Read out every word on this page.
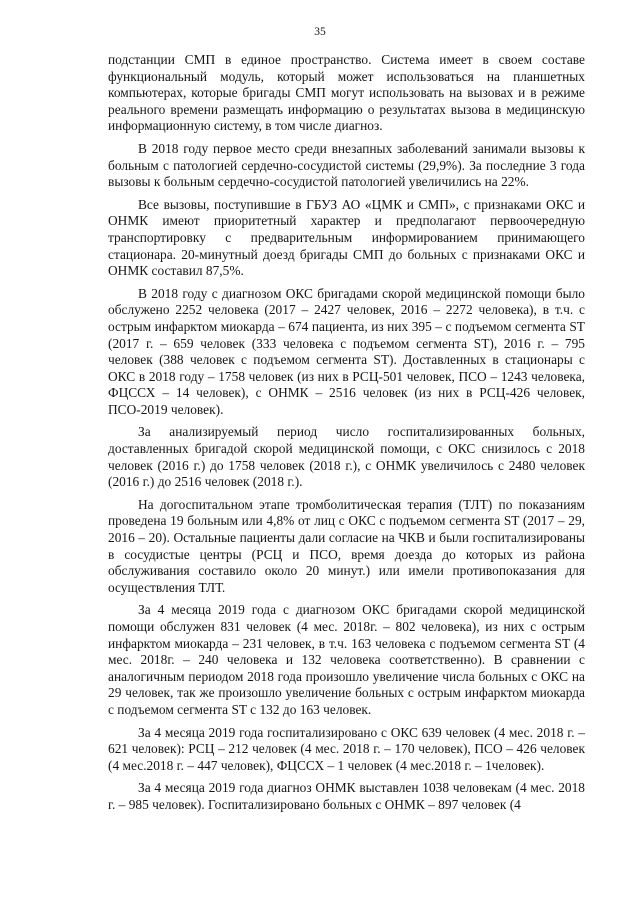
35

подстанции СМП в единое пространство. Система имеет в своем составе функциональный модуль, который может использоваться на планшетных компьютерах, которые бригады СМП могут использовать на вызовах и в режиме реального времени размещать информацию о результатах вызова в медицинскую информационную систему, в том числе диагноз.

В 2018 году первое место среди внезапных заболеваний занимали вызовы к больным с патологией сердечно-сосудистой системы (29,9%). За последние 3 года вызовы к больным сердечно-сосудистой патологией увеличились на 22%.

Все вызовы, поступившие в ГБУЗ АО «ЦМК и СМП», с признаками ОКС и ОНМК имеют приоритетный характер и предполагают первоочередную транспортировку с предварительным информированием принимающего стационара. 20-минутный доезд бригады СМП до больных с признаками ОКС и ОНМК составил 87,5%.

В 2018 году с диагнозом ОКС бригадами скорой медицинской помощи было обслужено 2252 человека (2017 – 2427 человек, 2016 – 2272 человека), в т.ч. с острым инфарктом миокарда – 674 пациента, из них 395 – с подъемом сегмента ST (2017 г. – 659 человек (333 человека с подъемом сегмента ST), 2016 г. – 795 человек (388 человек с подъемом сегмента ST). Доставленных в стационары с ОКС в 2018 году – 1758 человек (из них в РСЦ-501 человек, ПСО – 1243 человека, ФЦССХ – 14 человек), с ОНМК – 2516 человек (из них в РСЦ-426 человек, ПСО-2019 человек).

За анализируемый период число госпитализированных больных, доставленных бригадой скорой медицинской помощи, с ОКС снизилось с 2018 человек (2016 г.) до 1758 человек (2018 г.), с ОНМК увеличилось с 2480 человек (2016 г.) до 2516 человек (2018 г.).

На догоспитальном этапе тромболитическая терапия (ТЛТ) по показаниям проведена 19 больным или 4,8% от лиц с ОКС с подъемом сегмента ST (2017 – 29, 2016 – 20). Остальные пациенты дали согласие на ЧКВ и были госпитализированы в сосудистые центры (РСЦ и ПСО, время доезда до которых из района обслуживания составило около 20 минут.) или имели противопоказания для осуществления ТЛТ.

За 4 месяца 2019 года с диагнозом ОКС бригадами скорой медицинской помощи обслужен 831 человек (4 мес. 2018г. – 802 человека), из них с острым инфарктом миокарда – 231 человек, в т.ч. 163 человека с подъемом сегмента ST (4 мес. 2018г. – 240 человека и 132 человека соответственно). В сравнении с аналогичным периодом 2018 года произошло увеличение числа больных с ОКС на 29 человек, так же произошло увеличение больных с острым инфарктом миокарда с подъемом сегмента ST с 132 до 163 человек.

За 4 месяца 2019 года госпитализировано с ОКС 639 человек (4 мес. 2018 г. – 621 человек): РСЦ – 212 человек (4 мес. 2018 г. – 170 человек), ПСО – 426 человек (4 мес.2018 г. – 447 человек), ФЦССХ – 1 человек (4 мес.2018 г. – 1человек).

За 4 месяца 2019 года диагноз ОНМК выставлен 1038 человекам (4 мес. 2018 г. – 985 человек). Госпитализировано больных с ОНМК – 897 человек (4
